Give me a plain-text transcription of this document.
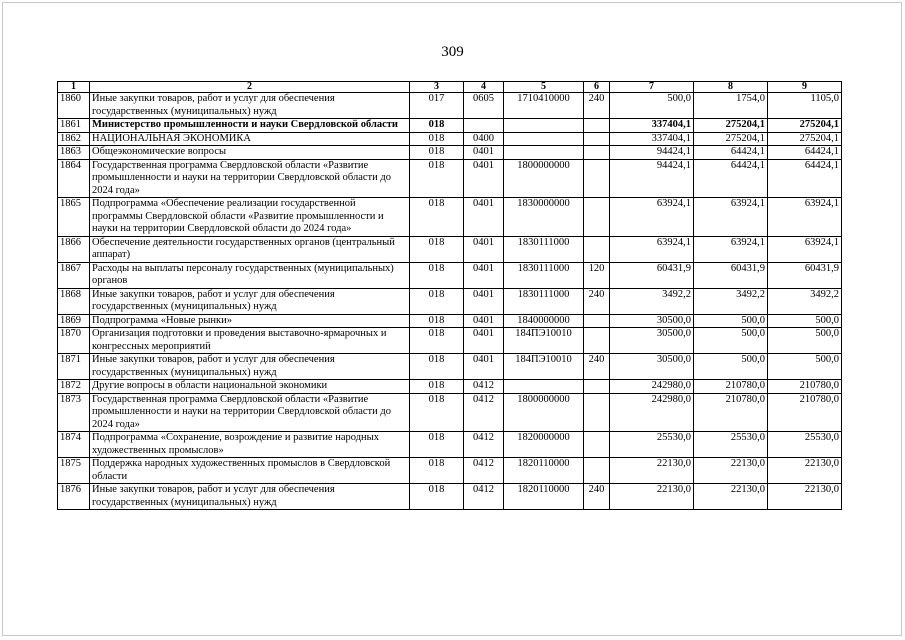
309
1	2	3	4	5	6	7	8	9
1860	Иные закупки товаров, работ и услуг для обеспечения государственных (муниципальных) нужд	017	0605	1710410000	240	500,0	1754,0	1105,0
1861	Министерство промышленности и науки Свердловской области	018				337404,1	275204,1	275204,1
1862	НАЦИОНАЛЬНАЯ ЭКОНОМИКА	018	0400			337404,1	275204,1	275204,1
1863	Общеэкономические вопросы	018	0401			94424,1	64424,1	64424,1
1864	Государственная программа Свердловской области «Развитие промышленности и науки на территории Свердловской области до 2024 года»	018	0401	1800000000		94424,1	64424,1	64424,1
1865	Подпрограмма «Обеспечение реализации государственной программы Свердловской области «Развитие промышленности и науки на территории Свердловской области до 2024 года»	018	0401	1830000000		63924,1	63924,1	63924,1
1866	Обеспечение деятельности государственных органов (центральный аппарат)	018	0401	1830111000		63924,1	63924,1	63924,1
1867	Расходы на выплаты персоналу государственных (муниципальных) органов	018	0401	1830111000	120	60431,9	60431,9	60431,9
1868	Иные закупки товаров, работ и услуг для обеспечения государственных (муниципальных) нужд	018	0401	1830111000	240	3492,2	3492,2	3492,2
1869	Подпрограмма «Новые рынки»	018	0401	1840000000		30500,0	500,0	500,0
1870	Организация подготовки и проведения выставочно-ярмарочных и конгрессных мероприятий	018	0401	184ПЭ10010		30500,0	500,0	500,0
1871	Иные закупки товаров, работ и услуг для обеспечения государственных (муниципальных) нужд	018	0401	184ПЭ10010	240	30500,0	500,0	500,0
1872	Другие вопросы в области национальной экономики	018	0412			242980,0	210780,0	210780,0
1873	Государственная программа Свердловской области «Развитие промышленности и науки на территории Свердловской области до 2024 года»	018	0412	1800000000		242980,0	210780,0	210780,0
1874	Подпрограмма «Сохранение, возрождение и развитие народных художественных промыслов»	018	0412	1820000000		25530,0	25530,0	25530,0
1875	Поддержка народных художественных промыслов в Свердловской области	018	0412	1820110000		22130,0	22130,0	22130,0
1876	Иные закупки товаров, работ и услуг для обеспечения государственных (муниципальных) нужд	018	0412	1820110000	240	22130,0	22130,0	22130,0
